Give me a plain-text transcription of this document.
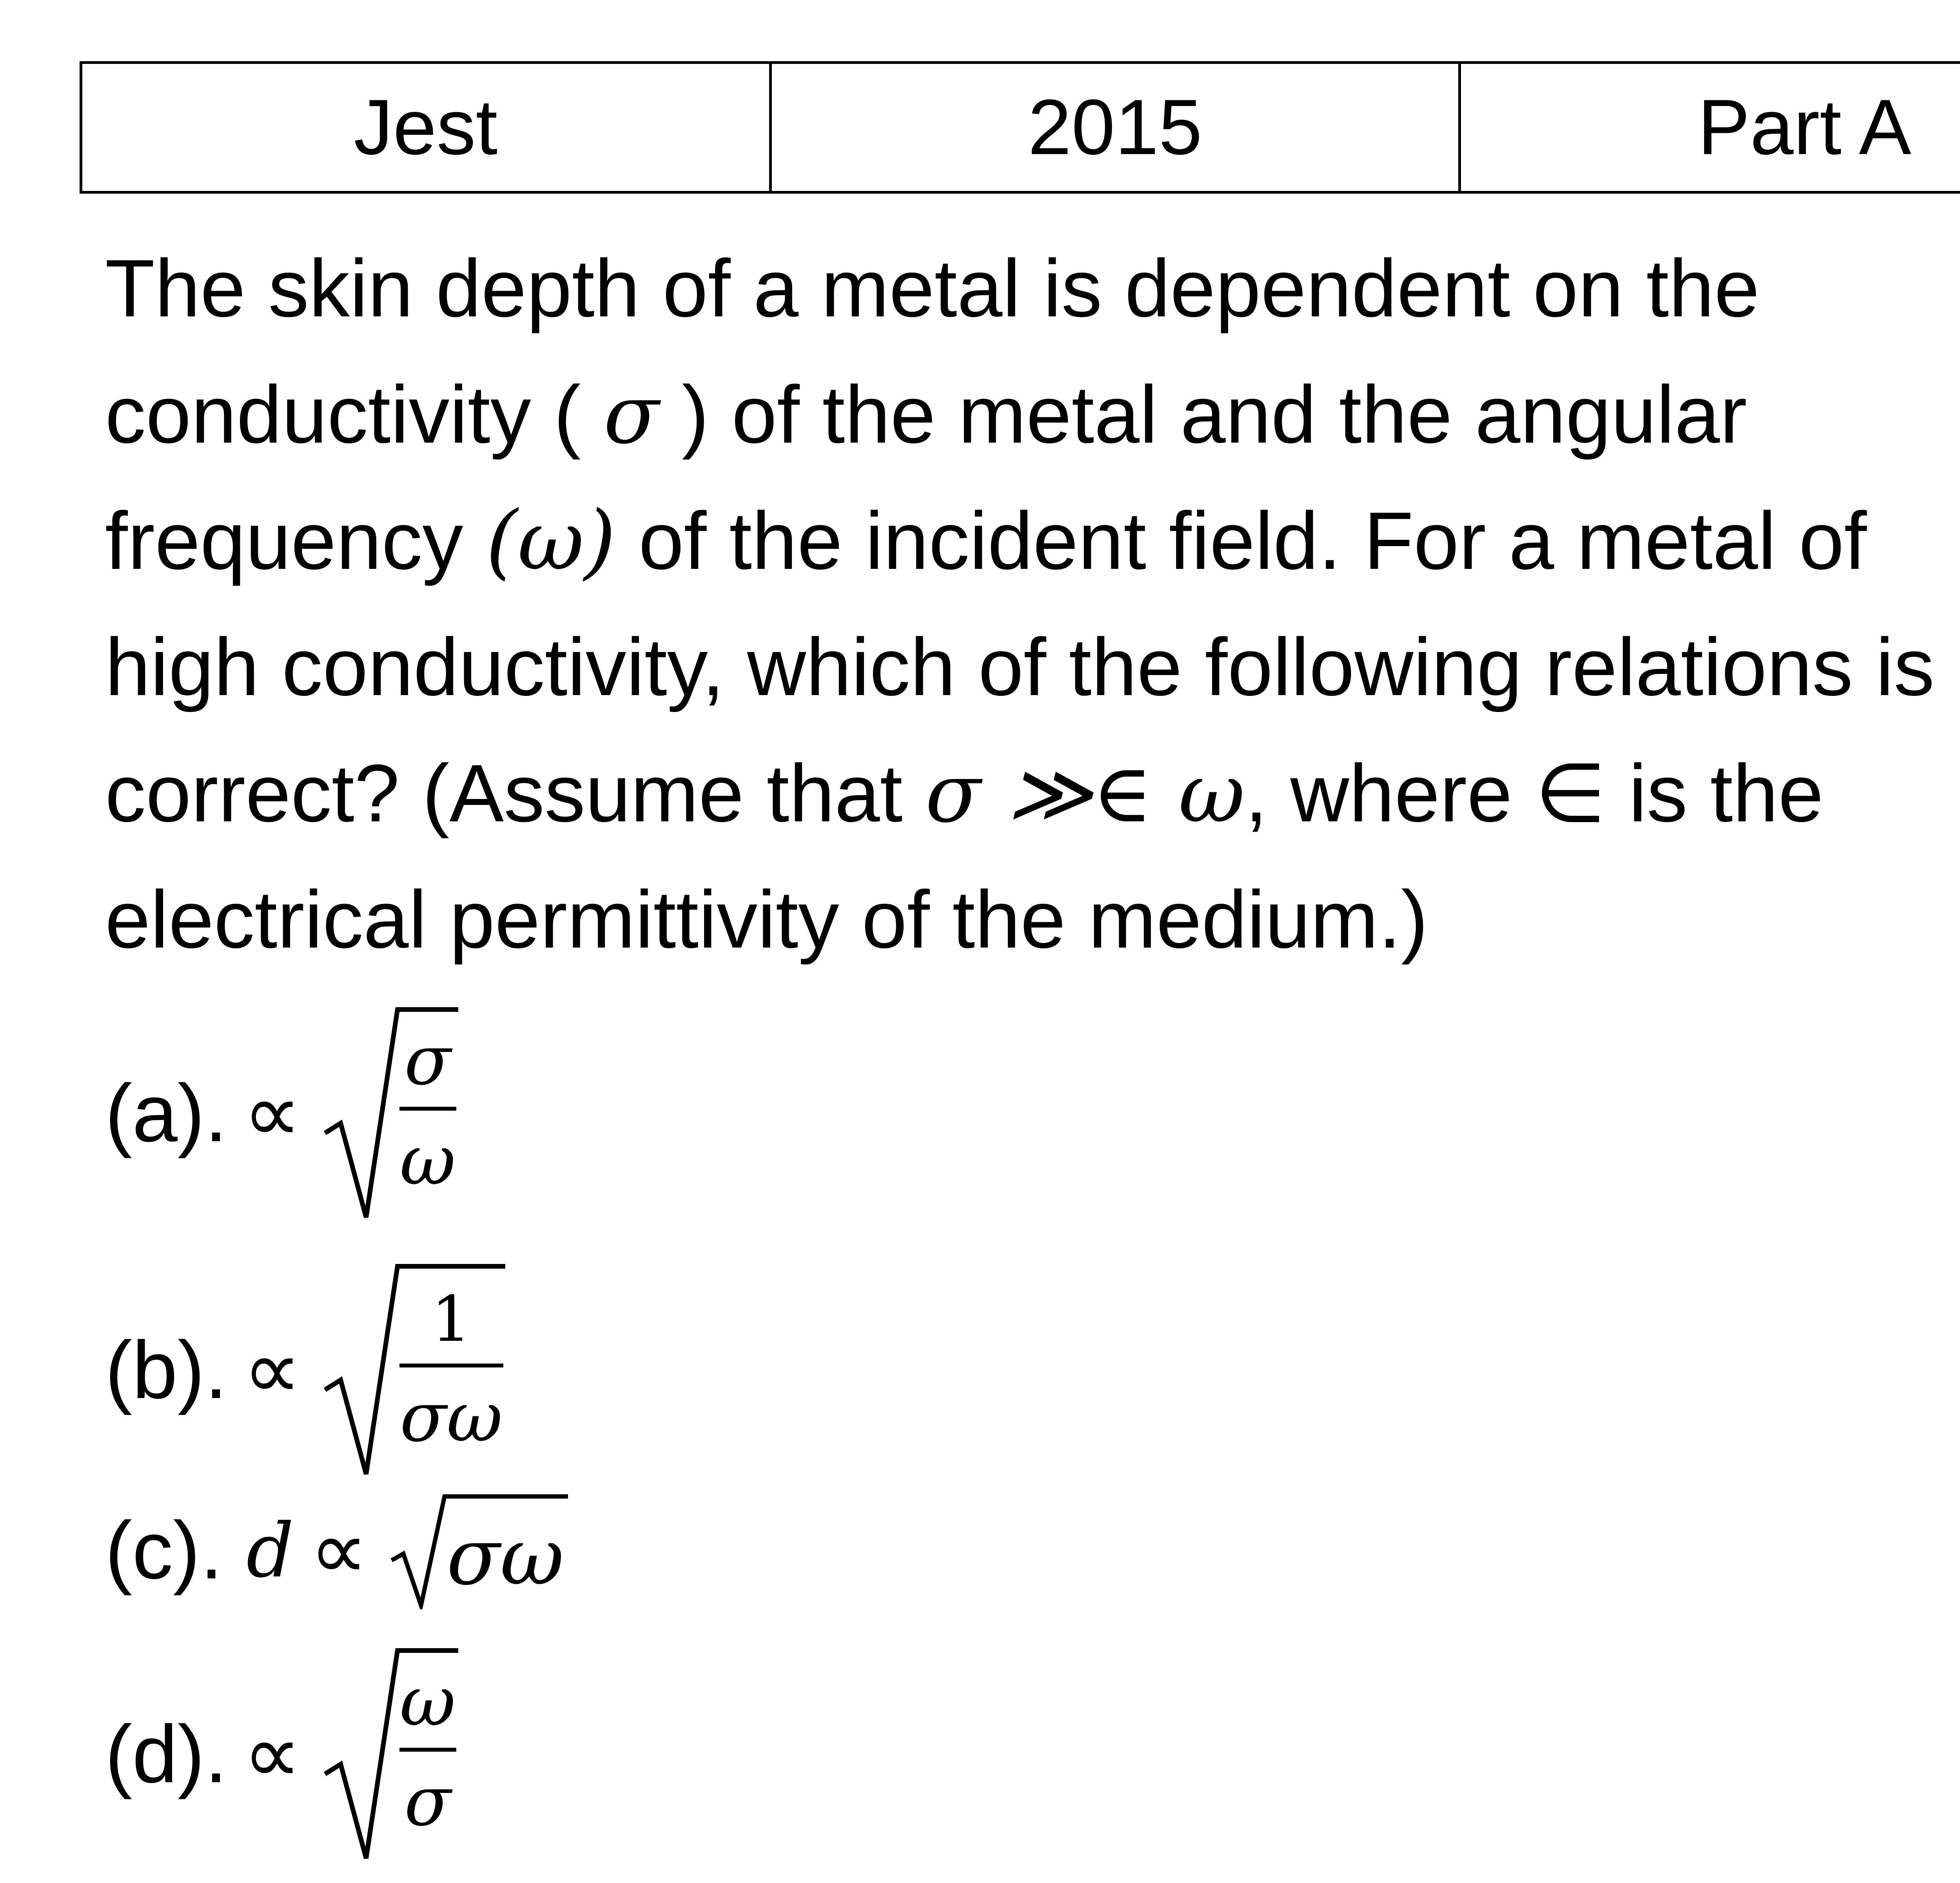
Jest	2015	Part A
The skin depth of a metal is dependent on the
conductivity ( σ ) of the metal and the angular
frequency (ω) of the incident field. For a metal of
high conductivity, which of the following relations is
correct? (Assume that σ ≫∈ ω, where ∈ is the
electrical permittivity of the medium.)
(a). ∝
σ
ω
(b). ∝
1
σω
(c). d ∝ σω
(d). ∝
ω
σ
